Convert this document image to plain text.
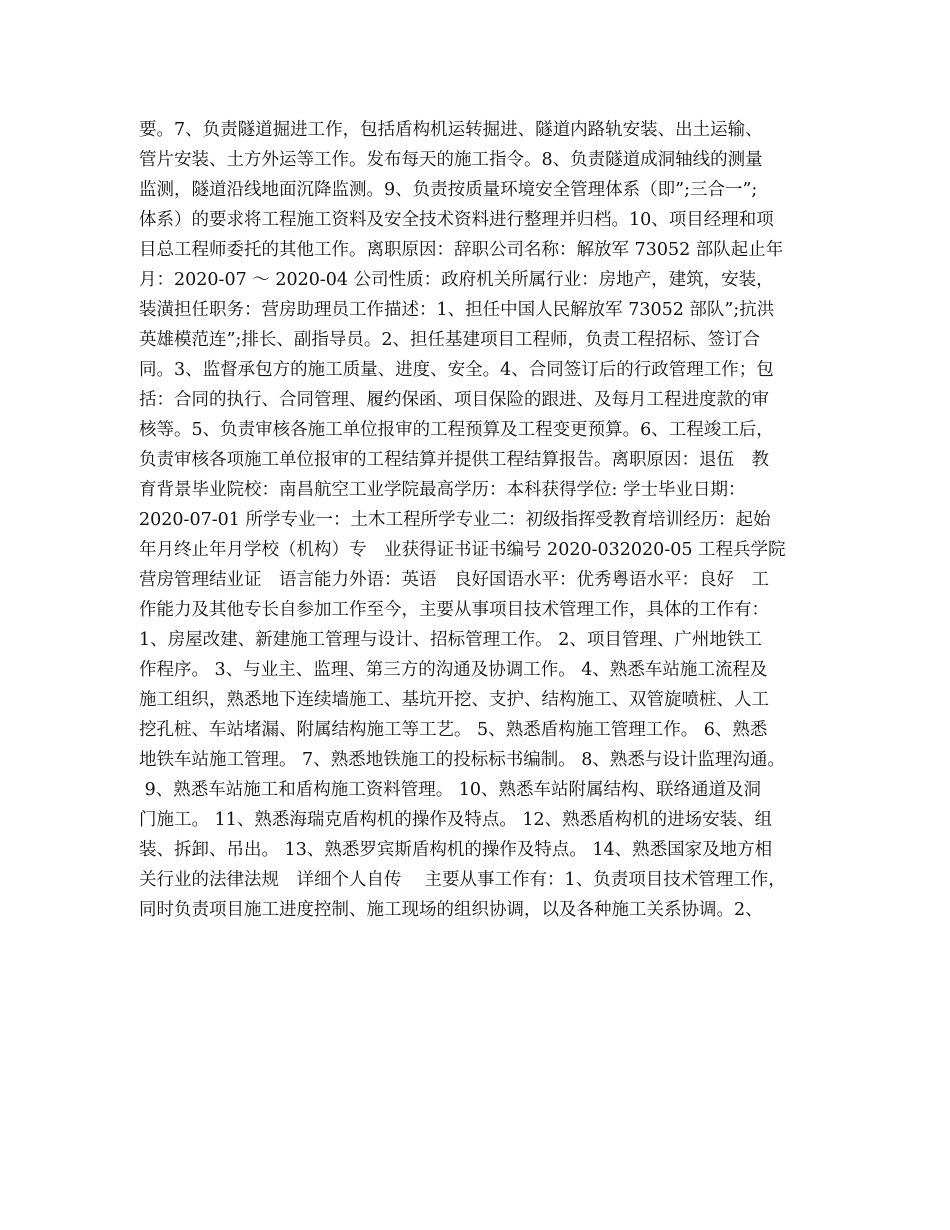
要。7、负责隧道掘进工作，包括盾构机运转掘进、隧道内路轨安装、出土运输、
管片安装、土方外运等工作。发布每天的施工指令。8、负责隧道成洞轴线的测量
监测，隧道沿线地面沉降监测。9、负责按质量环境安全管理体系（即”;三合一”;
体系）的要求将工程施工资料及安全技术资料进行整理并归档。10、项目经理和项
目总工程师委托的其他工作。离职原因：辞职公司名称：解放军 73052 部队起止年
月：2020-07 ～ 2020-04 公司性质：政府机关所属行业：房地产，建筑，安装，
装潢担任职务：营房助理员工作描述：1、担任中国人民解放军 73052 部队”;抗洪
英雄模范连”;排长、副指导员。2、担任基建项目工程师，负责工程招标、签订合
同。3、监督承包方的施工质量、进度、安全。4、合同签订后的行政管理工作；包
括：合同的执行、合同管理、履约保函、项目保险的跟进、及每月工程进度款的审
核等。5、负责审核各施工单位报审的工程预算及工程变更预算。6、工程竣工后，
负责审核各项施工单位报审的工程结算并提供工程结算报告。离职原因：退伍　教
育背景毕业院校：南昌航空工业学院最高学历：本科获得学位: 学士毕业日期：
2020-07-01 所学专业一：土木工程所学专业二：初级指挥受教育培训经历：起始
年月终止年月学校（机构）专　业获得证书证书编号 2020-032020-05 工程兵学院
营房管理结业证　语言能力外语：英语　良好国语水平：优秀粤语水平：良好　工
作能力及其他专长自参加工作至今，主要从事项目技术管理工作，具体的工作有：
1、房屋改建、新建施工管理与设计、招标管理工作。 2、项目管理、广州地铁工
作程序。 3、与业主、监理、第三方的沟通及协调工作。 4、熟悉车站施工流程及
施工组织，熟悉地下连续墙施工、基坑开挖、支护、结构施工、双管旋喷桩、人工
挖孔桩、车站堵漏、附属结构施工等工艺。 5、熟悉盾构施工管理工作。 6、熟悉
地铁车站施工管理。 7、熟悉地铁施工的投标标书编制。 8、熟悉与设计监理沟通。
9、熟悉车站施工和盾构施工资料管理。 10、熟悉车站附属结构、联络通道及洞
门施工。 11、熟悉海瑞克盾构机的操作及特点。 12、熟悉盾构机的进场安装、组
装、拆卸、吊出。 13、熟悉罗宾斯盾构机的操作及特点。 14、熟悉国家及地方相
关行业的法律法规　详细个人自传　 主要从事工作有：1、负责项目技术管理工作，
同时负责项目施工进度控制、施工现场的组织协调，以及各种施工关系协调。2、
